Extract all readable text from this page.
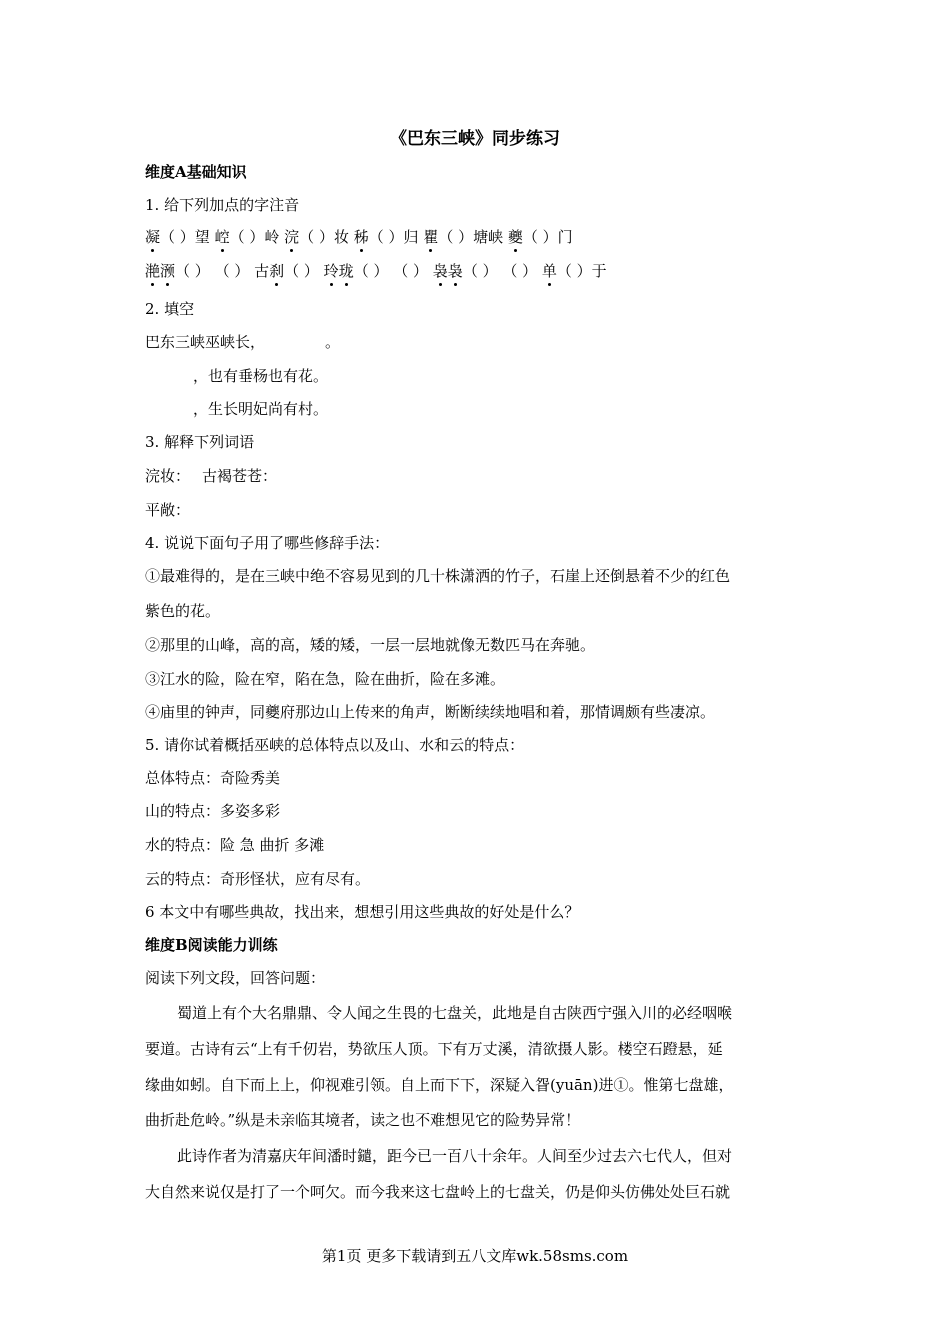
《巴东三峡》同步练习
维度A基础知识
1. 给下列加点的字注音
凝（ ）望 崆（ ）岭 浣（ ）妆 秭（ ）归 瞿（ ）塘峡 夔（ ）门
滟滪（ ） （ ） 古刹（ ） 玲珑（ ） （ ） 袅袅（ ） （ ） 单（ ）于
2. 填空
巴东三峡巫峡长，	。
，也有垂杨也有花。
，生长明妃尚有村。
3. 解释下列词语
浣妆： 古褐苍苍：
平敞：
4. 说说下面句子用了哪些修辞手法：
①最难得的，是在三峡中绝不容易见到的几十株潇洒的竹子，石崖上还倒悬着不少的红色
紫色的花。
②那里的山峰，高的高，矮的矮，一层一层地就像无数匹马在奔驰。
③江水的险，险在窄，陷在急，险在曲折，险在多滩。
④庙里的钟声，同夔府那边山上传来的角声，断断续续地唱和着，那情调颇有些凄凉。
5. 请你试着概括巫峡的总体特点以及山、水和云的特点：
总体特点：奇险秀美
山的特点：多姿多彩
水的特点：险 急 曲折 多滩
云的特点：奇形怪状，应有尽有。
6 本文中有哪些典故，找出来，想想引用这些典故的好处是什么？
维度B阅读能力训练
阅读下列文段，回答问题：
蜀道上有个大名鼎鼎、令人闻之生畏的七盘关，此地是自古陕西宁强入川的必经咽喉
要道。古诗有云“上有千仞岩，势欲压人顶。下有万丈溪，清欲摄人影。楼空石蹬悬，延
缘曲如蚓。自下而上上，仰视难引领。自上而下下，深疑入眢(yuān)进①。惟第七盘雄，
曲折赴危岭。”纵是未亲临其境者，读之也不难想见它的险势异常！
此诗作者为清嘉庆年间潘时鑓，距今已一百八十余年。人间至少过去六七代人，但对
大自然来说仅是打了一个呵欠。而今我来这七盘岭上的七盘关，仍是仰头仿佛处处巨石就
第1页 更多下载请到五八文库wk.58sms.com
